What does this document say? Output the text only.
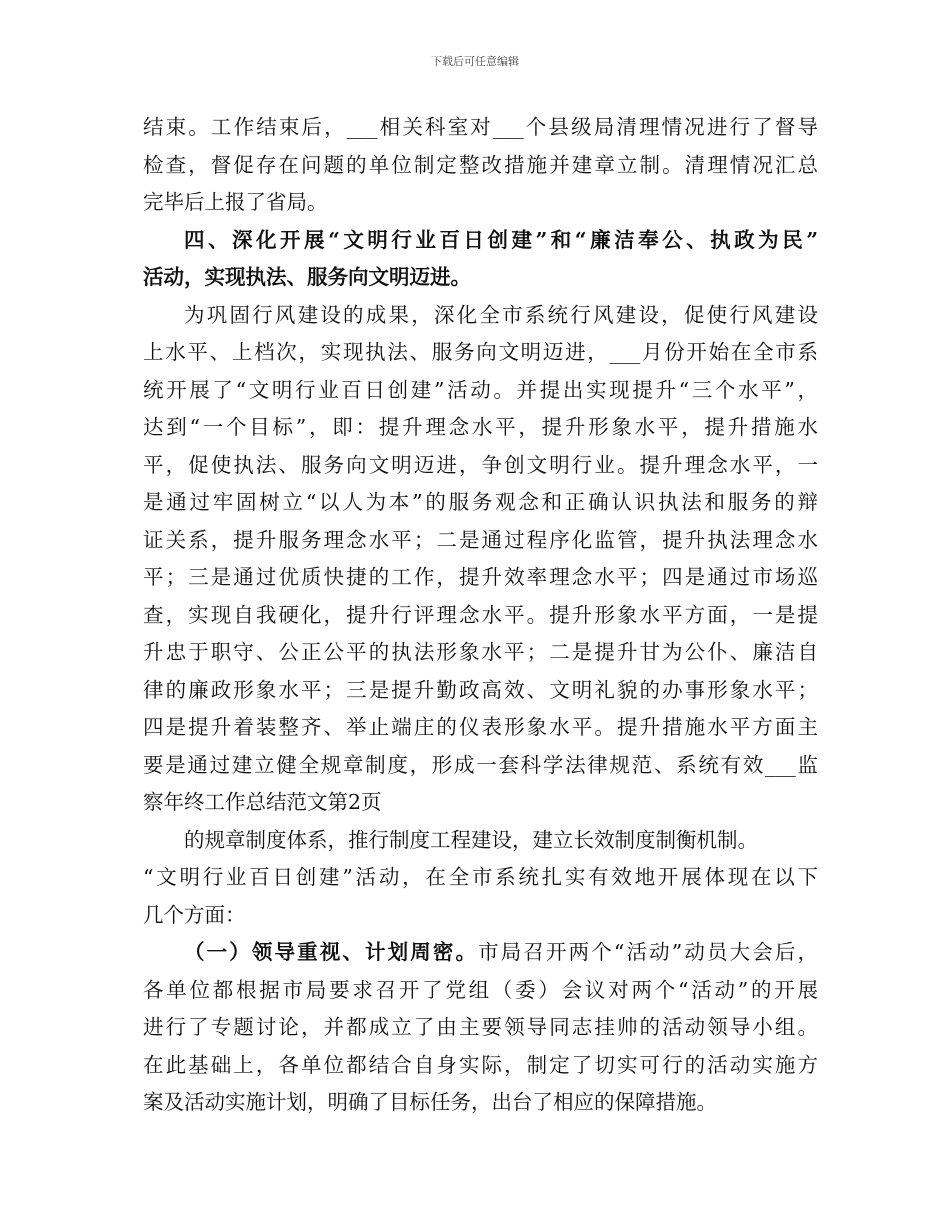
下载后可任意编辑
结束。工作结束后，___相关科室对___个县级局清理情况进行了督导
检查，督促存在问题的单位制定整改措施并建章立制。清理情况汇总
完毕后上报了省局。
四、深化开展“文明行业百日创建”和“廉洁奉公、执政为民”
活动，实现执法、服务向文明迈进。
为巩固行风建设的成果，深化全市系统行风建设，促使行风建设
上水平、上档次，实现执法、服务向文明迈进，___月份开始在全市系
统开展了“文明行业百日创建”活动。并提出实现提升“三个水平”，
达到“一个目标”，即：提升理念水平，提升形象水平，提升措施水
平，促使执法、服务向文明迈进，争创文明行业。提升理念水平，一
是通过牢固树立“以人为本”的服务观念和正确认识执法和服务的辩
证关系，提升服务理念水平；二是通过程序化监管，提升执法理念水
平；三是通过优质快捷的工作，提升效率理念水平；四是通过市场巡
查，实现自我硬化，提升行评理念水平。提升形象水平方面，一是提
升忠于职守、公正公平的执法形象水平；二是提升甘为公仆、廉洁自
律的廉政形象水平；三是提升勤政高效、文明礼貌的办事形象水平；
四是提升着装整齐、举止端庄的仪表形象水平。提升措施水平方面主
要是通过建立健全规章制度，形成一套科学法律规范、系统有效___监
察年终工作总结范文第2页
的规章制度体系，推行制度工程建设，建立长效制度制衡机制。
“文明行业百日创建”活动，在全市系统扎实有效地开展体现在以下
几个方面：
（一）领导重视、计划周密。市局召开两个“活动”动员大会后，
各单位都根据市局要求召开了党组（委）会议对两个“活动”的开展
进行了专题讨论，并都成立了由主要领导同志挂帅的活动领导小组。
在此基础上，各单位都结合自身实际，制定了切实可行的活动实施方
案及活动实施计划，明确了目标任务，出台了相应的保障措施。
